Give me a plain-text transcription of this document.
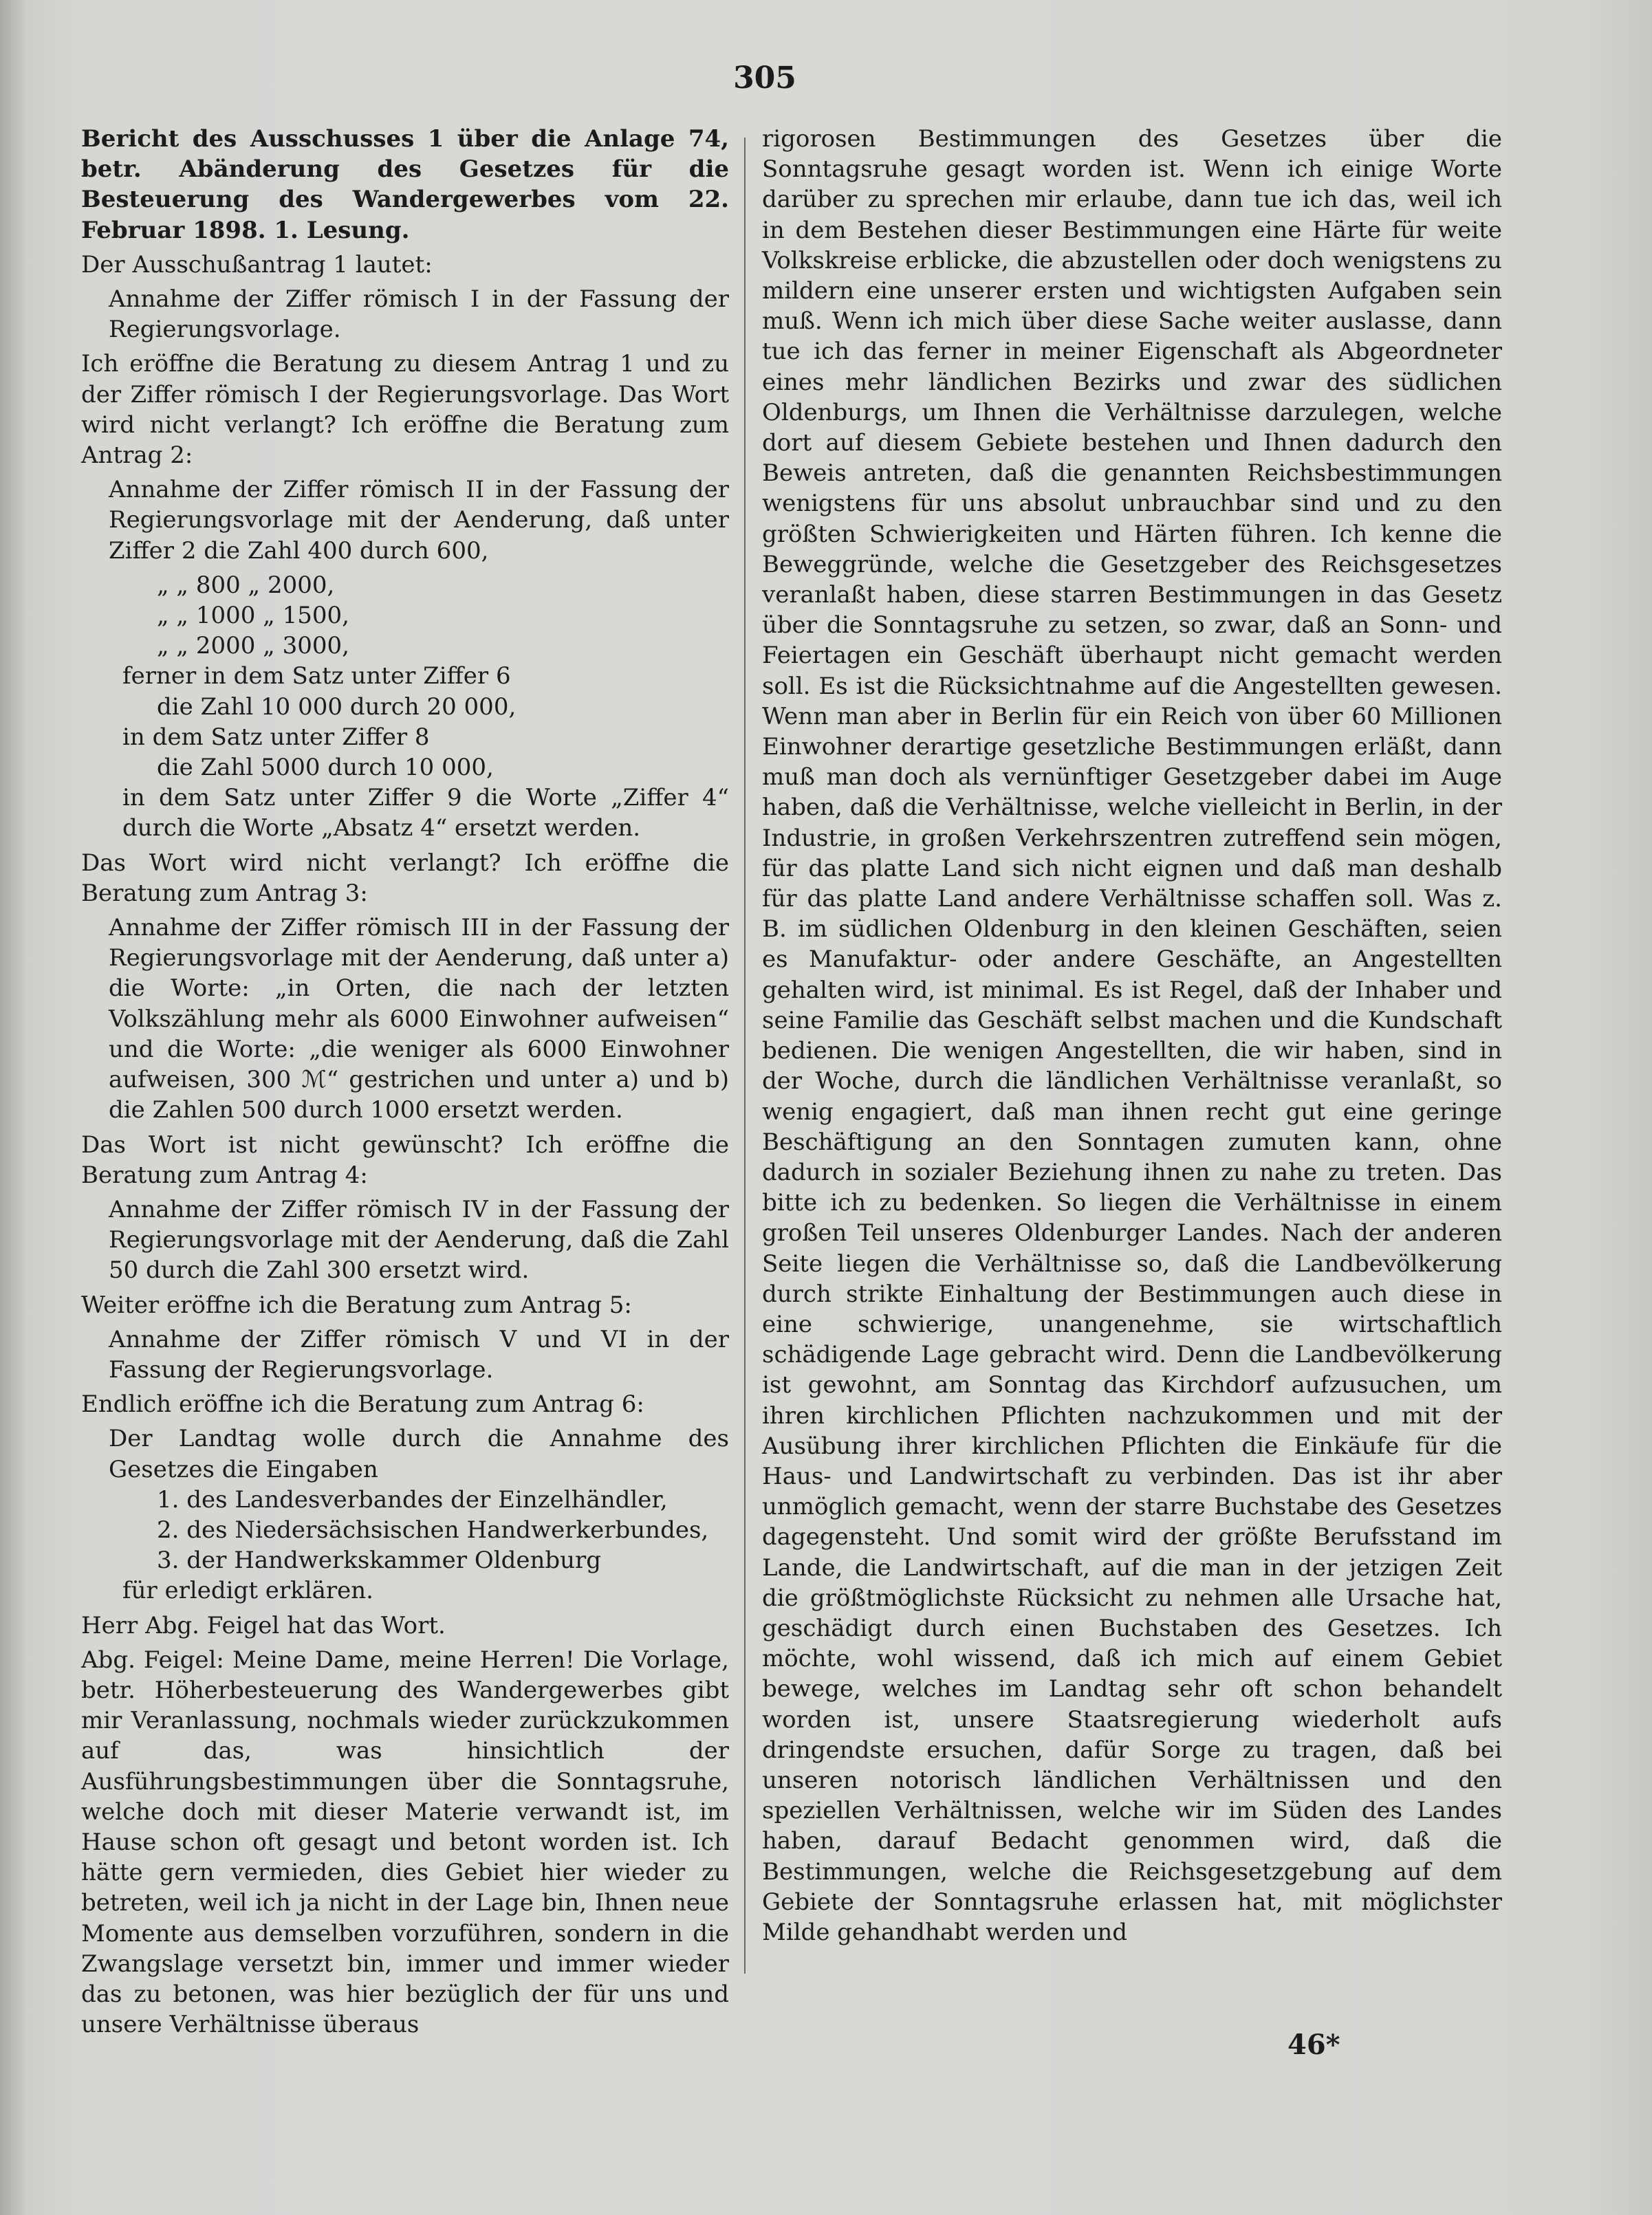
305
Bericht des Ausschusses 1 über die Anlage 74, betr. Abänderung des Gesetzes für die Besteuerung des Wandergewerbes vom 22. Februar 1898. 1. Lesung.
Der Ausschußantrag 1 lautet:
Annahme der Ziffer römisch I in der Fassung der Regierungsvorlage.
Ich eröffne die Beratung zu diesem Antrag 1 und zu der Ziffer römisch I der Regierungsvorlage. Das Wort wird nicht verlangt? Ich eröffne die Beratung zum Antrag 2:
Annahme der Ziffer römisch II in der Fassung der Regierungsvorlage mit der Aenderung, daß unter Ziffer 2 die Zahl 400 durch 600,
„ „ 800 „ 2000,
„ „ 1000 „ 1500,
„ „ 2000 „ 3000,
ferner in dem Satz unter Ziffer 6
die Zahl 10 000 durch 20 000,
in dem Satz unter Ziffer 8
die Zahl 5000 durch 10 000,
in dem Satz unter Ziffer 9 die Worte „Ziffer 4“ durch die Worte „Absatz 4“ ersetzt werden.
Das Wort wird nicht verlangt? Ich eröffne die Beratung zum Antrag 3:
Annahme der Ziffer römisch III in der Fassung der Regierungsvorlage mit der Aenderung, daß unter a) die Worte: „in Orten, die nach der letzten Volkszählung mehr als 6000 Einwohner aufweisen“ und die Worte: „die weniger als 6000 Einwohner aufweisen, 300 ℳ“ gestrichen und unter a) und b) die Zahlen 500 durch 1000 ersetzt werden.
Das Wort ist nicht gewünscht? Ich eröffne die Beratung zum Antrag 4:
Annahme der Ziffer römisch IV in der Fassung der Regierungsvorlage mit der Aenderung, daß die Zahl 50 durch die Zahl 300 ersetzt wird.
Weiter eröffne ich die Beratung zum Antrag 5:
Annahme der Ziffer römisch V und VI in der Fassung der Regierungsvorlage.
Endlich eröffne ich die Beratung zum Antrag 6:
Der Landtag wolle durch die Annahme des Gesetzes die Eingaben
1. des Landesverbandes der Einzelhändler,
2. des Niedersächsischen Handwerkerbundes,
3. der Handwerkskammer Oldenburg
für erledigt erklären.
Herr Abg. Feigel hat das Wort.
Abg. Feigel: Meine Dame, meine Herren! Die Vorlage, betr. Höherbesteuerung des Wandergewerbes gibt mir Veranlassung, nochmals wieder zurückzukommen auf das, was hinsichtlich der Ausführungsbestimmungen über die Sonntagsruhe, welche doch mit dieser Materie verwandt ist, im Hause schon oft gesagt und betont worden ist. Ich hätte gern vermieden, dies Gebiet hier wieder zu betreten, weil ich ja nicht in der Lage bin, Ihnen neue Momente aus demselben vorzuführen, sondern in die Zwangslage versetzt bin, immer und immer wieder das zu betonen, was hier bezüglich der für uns und unsere Verhältnisse überaus
rigorosen Bestimmungen des Gesetzes über die Sonntagsruhe gesagt worden ist. Wenn ich einige Worte darüber zu sprechen mir erlaube, dann tue ich das, weil ich in dem Bestehen dieser Bestimmungen eine Härte für weite Volkskreise erblicke, die abzustellen oder doch wenigstens zu mildern eine unserer ersten und wichtigsten Aufgaben sein muß. Wenn ich mich über diese Sache weiter auslasse, dann tue ich das ferner in meiner Eigenschaft als Abgeordneter eines mehr ländlichen Bezirks und zwar des südlichen Oldenburgs, um Ihnen die Verhältnisse darzulegen, welche dort auf diesem Gebiete bestehen und Ihnen dadurch den Beweis antreten, daß die genannten Reichsbestimmungen wenigstens für uns absolut unbrauchbar sind und zu den größten Schwierigkeiten und Härten führen. Ich kenne die Beweggründe, welche die Gesetzgeber des Reichsgesetzes veranlaßt haben, diese starren Bestimmungen in das Gesetz über die Sonntagsruhe zu setzen, so zwar, daß an Sonn- und Feiertagen ein Geschäft überhaupt nicht gemacht werden soll. Es ist die Rücksichtnahme auf die Angestellten gewesen. Wenn man aber in Berlin für ein Reich von über 60 Millionen Einwohner derartige gesetzliche Bestimmungen erläßt, dann muß man doch als vernünftiger Gesetzgeber dabei im Auge haben, daß die Verhältnisse, welche vielleicht in Berlin, in der Industrie, in großen Verkehrszentren zutreffend sein mögen, für das platte Land sich nicht eignen und daß man deshalb für das platte Land andere Verhältnisse schaffen soll. Was z. B. im südlichen Oldenburg in den kleinen Geschäften, seien es Manufaktur- oder andere Geschäfte, an Angestellten gehalten wird, ist minimal. Es ist Regel, daß der Inhaber und seine Familie das Geschäft selbst machen und die Kundschaft bedienen. Die wenigen Angestellten, die wir haben, sind in der Woche, durch die ländlichen Verhältnisse veranlaßt, so wenig engagiert, daß man ihnen recht gut eine geringe Beschäftigung an den Sonntagen zumuten kann, ohne dadurch in sozialer Beziehung ihnen zu nahe zu treten. Das bitte ich zu bedenken. So liegen die Verhältnisse in einem großen Teil unseres Oldenburger Landes. Nach der anderen Seite liegen die Verhältnisse so, daß die Landbevölkerung durch strikte Einhaltung der Bestimmungen auch diese in eine schwierige, unangenehme, sie wirtschaftlich schädigende Lage gebracht wird. Denn die Landbevölkerung ist gewohnt, am Sonntag das Kirchdorf aufzusuchen, um ihren kirchlichen Pflichten nachzukommen und mit der Ausübung ihrer kirchlichen Pflichten die Einkäufe für die Haus- und Landwirtschaft zu verbinden. Das ist ihr aber unmöglich gemacht, wenn der starre Buchstabe des Gesetzes dagegensteht. Und somit wird der größte Berufsstand im Lande, die Landwirtschaft, auf die man in der jetzigen Zeit die größtmöglichste Rücksicht zu nehmen alle Ursache hat, geschädigt durch einen Buchstaben des Gesetzes. Ich möchte, wohl wissend, daß ich mich auf einem Gebiet bewege, welches im Landtag sehr oft schon behandelt worden ist, unsere Staatsregierung wiederholt aufs dringendste ersuchen, dafür Sorge zu tragen, daß bei unseren notorisch ländlichen Verhältnissen und den speziellen Verhältnissen, welche wir im Süden des Landes haben, darauf Bedacht genommen wird, daß die Bestimmungen, welche die Reichsgesetzgebung auf dem Gebiete der Sonntagsruhe erlassen hat, mit möglichster Milde gehandhabt werden und
46*
